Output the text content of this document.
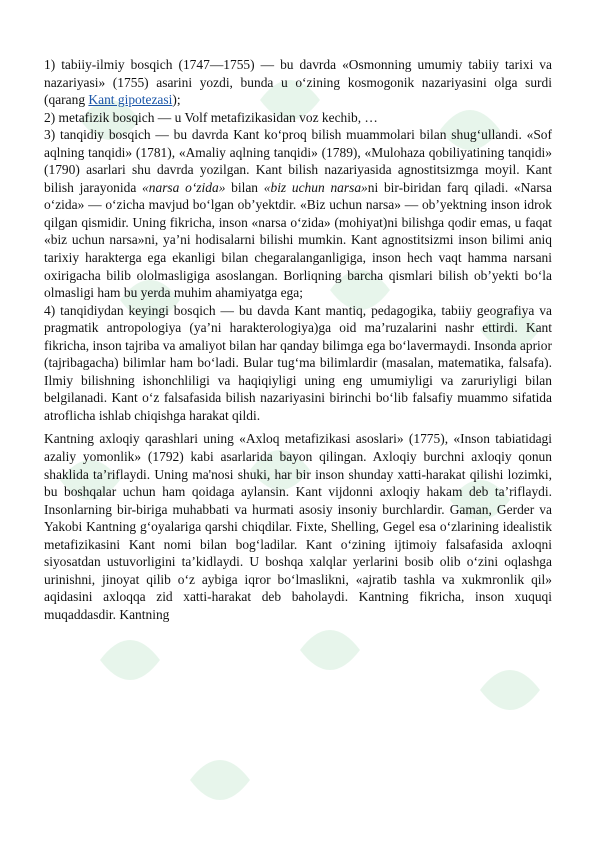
1) tabiiy-ilmiy bosqich (1747—1755) — bu davrda «Osmonning umumiy tabiiy tarixi va nazariyasi» (1755) asarini yozdi, bunda u o‘zining kosmogonik nazariyasini olga surdi (qarang Kant gipotezasi);

2) metafizik bosqich — u Volf metafizikasidan voz kechib, …

3) tanqidiy bosqich — bu davrda Kant ko‘proq bilish muammolari bilan shug‘ullandi. «Sof aqlning tanqidi» (1781), «Amaliy aqlning tanqidi» (1789), «Mulohaza qobiliyatining tanqidi» (1790) asarlari shu davrda yozilgan. Kant bilish nazariyasida agnostitsizmga moyil. Kant bilish jarayonida «narsa o‘zida» bilan «biz uchun narsa»ni bir-biridan farq qiladi. «Narsa o‘zida» — o‘zicha mavjud bo‘lgan ob’yektdir. «Biz uchun narsa» — ob’yektning inson idrok qilgan qismidir. Uning fikricha, inson «narsa o‘zida» (mohiyat)ni bilishga qodir emas, u faqat «biz uchun narsa»ni, ya’ni hodisalarni bilishi mumkin. Kant agnostitsizmi inson bilimi aniq tarixiy harakterga ega ekanligi bilan chegaralanganligiga, inson hech vaqt hamma narsani oxirigacha bilib ololmasligiga asoslangan. Borliqning barcha qismlari bilish ob’yekti bo‘la olmasligi ham bu yerda muhim ahamiyatga ega;

4) tanqidiydan keyingi bosqich — bu davda Kant mantiq, pedagogika, tabiiy geografiya va pragmatik antropologiya (ya’ni harakterologiya)ga oid ma’ruzalarini nashr ettirdi. Kant fikricha, inson tajriba va amaliyot bilan har qanday bilimga ega bo‘lavermaydi. Insonda aprior (tajribagacha) bilimlar ham bo‘ladi. Bular tug‘ma bilimlardir (masalan, matematika, falsafa). Ilmiy bilishning ishonchliligi va haqiqiyligi uning eng umumiyligi va zaruriyligi bilan belgilanadi. Kant o‘z falsafasida bilish nazariyasini birinchi bo‘lib falsafiy muammo sifatida atroflicha ishlab chiqishga harakat qildi.

Kantning axloqiy qarashlari uning «Axloq metafizikasi asoslari» (1775), «Inson tabiatidagi azaliy yomonlik» (1792) kabi asarlarida bayon qilingan. Axloqiy burchni axloqiy qonun shaklida ta’riflaydi. Uning ma'nosi shuki, har bir inson shunday xatti-harakat qilishi lozimki, bu boshqalar uchun ham qoidaga aylansin. Kant vijdonni axloqiy hakam deb ta’riflaydi. Insonlarning bir-biriga muhabbati va hurmati asosiy insoniy burchlardir. Gaman, Gerder va Yakobi Kantning g‘oyalariga qarshi chiqdilar. Fixte, Shelling, Gegel esa o‘zlarining idealistik metafizikasini Kant nomi bilan bog‘ladilar. Kant o‘zining ijtimoiy falsafasida axloqni siyosatdan ustuvorligini ta’kidlaydi. U boshqa xalqlar yerlarini bosib olib o‘zini oqlashga urinishni, jinoyat qilib o‘z aybiga iqror bo‘lmaslikni, «ajratib tashla va xukmronlik qil» aqidasini axloqqa zid xatti-harakat deb baholaydi. Kantning fikricha, inson xuquqi muqaddasdir. Kantning
